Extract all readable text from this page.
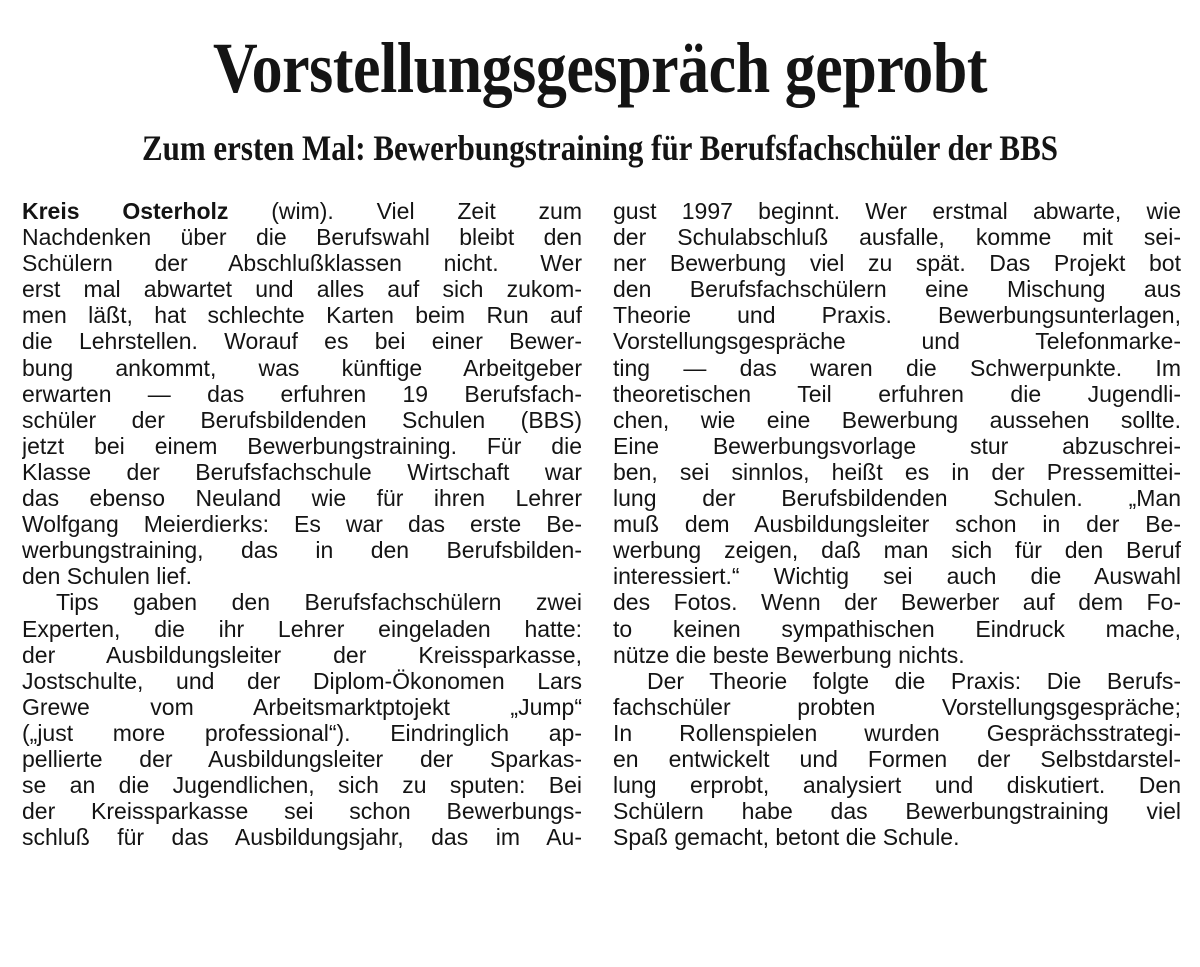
Vorstellungsgespräch geprobt
Zum ersten Mal: Bewerbungstraining für Berufsfachschüler der BBS
Kreis Osterholz (wim). Viel Zeit zum
Nachdenken über die Berufswahl bleibt den
Schülern der Abschlußklassen nicht. Wer
erst mal abwartet und alles auf sich zukom-
men läßt, hat schlechte Karten beim Run auf
die Lehrstellen. Worauf es bei einer Bewer-
bung ankommt, was künftige Arbeitgeber
erwarten — das erfuhren 19 Berufsfach-
schüler der Berufsbildenden Schulen (BBS)
jetzt bei einem Bewerbungstraining. Für die
Klasse der Berufsfachschule Wirtschaft war
das ebenso Neuland wie für ihren Lehrer
Wolfgang Meierdierks: Es war das erste Be-
werbungstraining, das in den Berufsbilden-
den Schulen lief.
Tips gaben den Berufsfachschülern zwei
Experten, die ihr Lehrer eingeladen hatte:
der Ausbildungsleiter der Kreissparkasse,
Jostschulte, und der Diplom-Ökonomen Lars
Grewe vom Arbeitsmarktptojekt „Jump“
(„just more professional“). Eindringlich ap-
pellierte der Ausbildungsleiter der Sparkas-
se an die Jugendlichen, sich zu sputen: Bei
der Kreissparkasse sei schon Bewerbungs-
schluß für das Ausbildungsjahr, das im Au-
gust 1997 beginnt. Wer erstmal abwarte, wie
der Schulabschluß ausfalle, komme mit sei-
ner Bewerbung viel zu spät. Das Projekt bot
den Berufsfachschülern eine Mischung aus
Theorie und Praxis. Bewerbungsunterlagen,
Vorstellungsgespräche und Telefonmarke-
ting — das waren die Schwerpunkte. Im
theoretischen Teil erfuhren die Jugendli-
chen, wie eine Bewerbung aussehen sollte.
Eine Bewerbungsvorlage stur abzuschrei-
ben, sei sinnlos, heißt es in der Pressemittei-
lung der Berufsbildenden Schulen. „Man
muß dem Ausbildungsleiter schon in der Be-
werbung zeigen, daß man sich für den Beruf
interessiert.“ Wichtig sei auch die Auswahl
des Fotos. Wenn der Bewerber auf dem Fo-
to keinen sympathischen Eindruck mache,
nütze die beste Bewerbung nichts.
Der Theorie folgte die Praxis: Die Berufs-
fachschüler probten Vorstellungsgespräche;
In Rollenspielen wurden Gesprächsstrategi-
en entwickelt und Formen der Selbstdarstel-
lung erprobt, analysiert und diskutiert. Den
Schülern habe das Bewerbungstraining viel
Spaß gemacht, betont die Schule.
